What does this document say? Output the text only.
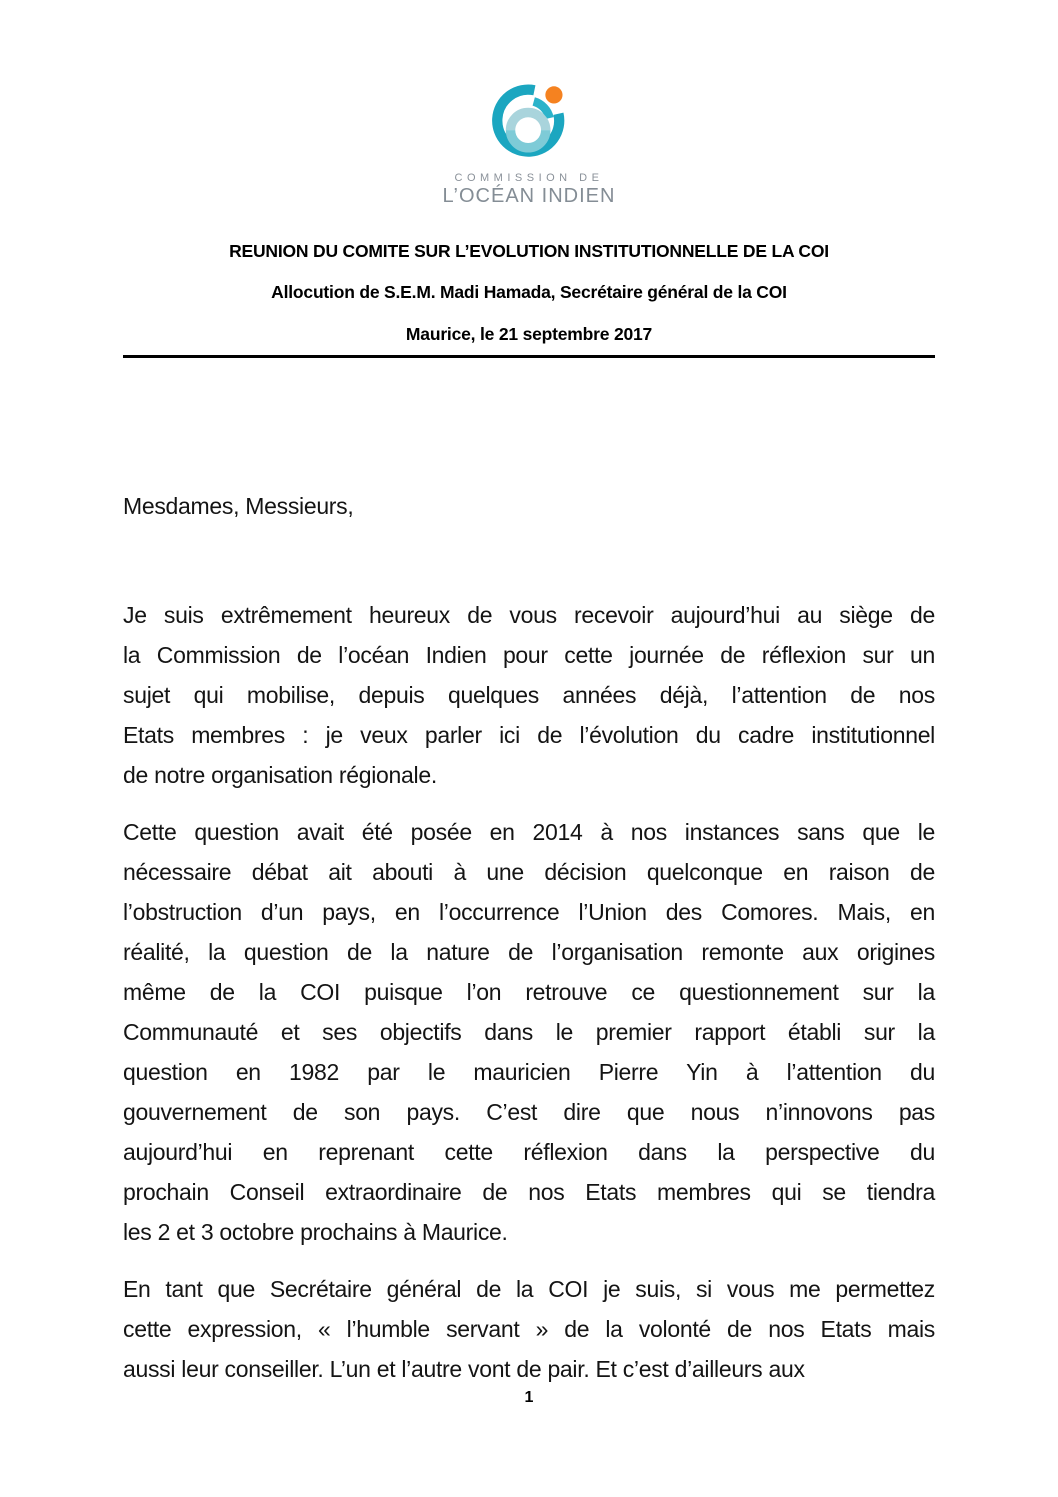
COMMISSION DE
L’OCÉAN INDIEN
REUNION DU COMITE SUR L’EVOLUTION INSTITUTIONNELLE DE LA COI
Allocution de S.E.M. Madi Hamada, Secrétaire général de la COI
Maurice, le 21 septembre 2017
Mesdames, Messieurs,
Je suis extrêmement heureux de vous recevoir aujourd’hui au siège de
la Commission de l’océan Indien pour cette journée de réflexion sur un
sujet qui mobilise, depuis quelques années déjà, l’attention de nos
Etats membres : je veux parler ici de l’évolution du cadre institutionnel
de notre organisation régionale.
Cette question avait été posée en 2014 à nos instances sans que le
nécessaire débat ait abouti à une décision quelconque en raison de
l’obstruction d’un pays, en l’occurrence l’Union des Comores. Mais, en
réalité, la question de la nature de l’organisation remonte aux origines
même de la COI puisque l’on retrouve ce questionnement sur la
Communauté et ses objectifs dans le premier rapport établi sur la
question en 1982 par le mauricien Pierre Yin à l’attention du
gouvernement de son pays. C’est dire que nous n’innovons pas
aujourd’hui en reprenant cette réflexion dans la perspective du
prochain Conseil extraordinaire de nos Etats membres qui se tiendra
les 2 et 3 octobre prochains à Maurice.
En tant que Secrétaire général de la COI je suis, si vous me permettez
cette expression, « l’humble servant » de la volonté de nos Etats mais
aussi leur conseiller. L’un et l’autre vont de pair. Et c’est d’ailleurs aux
1
